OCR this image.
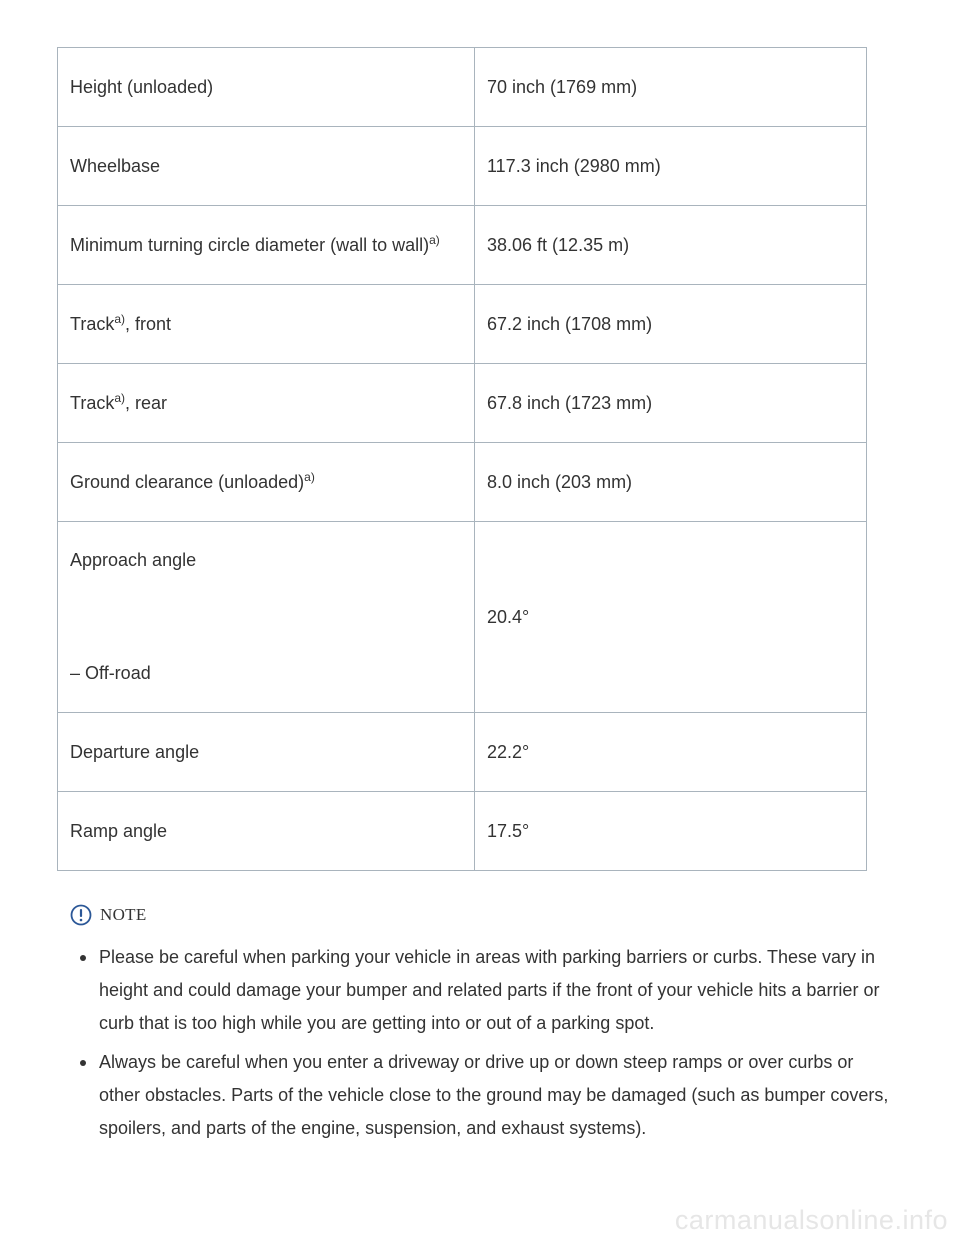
Height (unloaded)	70 inch (1769 mm)
Wheelbase	117.3 inch (2980 mm)
Minimum turning circle diameter (wall to wall)$^{a)}$	38.06 ft (12.35 m)
Track$^{a)}$, front	67.2 inch (1708 mm)
Track$^{a)}$, rear	67.8 inch (1723 mm)
Ground clearance (unloaded)$^{a)}$	8.0 inch (203 mm)

Approach angle
– Off-road	20.4°
Departure angle	22.2°
Ramp angle	17.5°
NOTE
Please be careful when parking your vehicle in areas with parking barriers or curbs. These vary in height and could damage your bumper and related parts if the front of your vehicle hits a barrier or curb that is too high while you are getting into or out of a parking spot.
Always be careful when you enter a driveway or drive up or down steep ramps or over curbs or other obstacles. Parts of the vehicle close to the ground may be damaged (such as bumper covers, spoilers, and parts of the engine, suspension, and exhaust systems).
carmanualsonline.info
